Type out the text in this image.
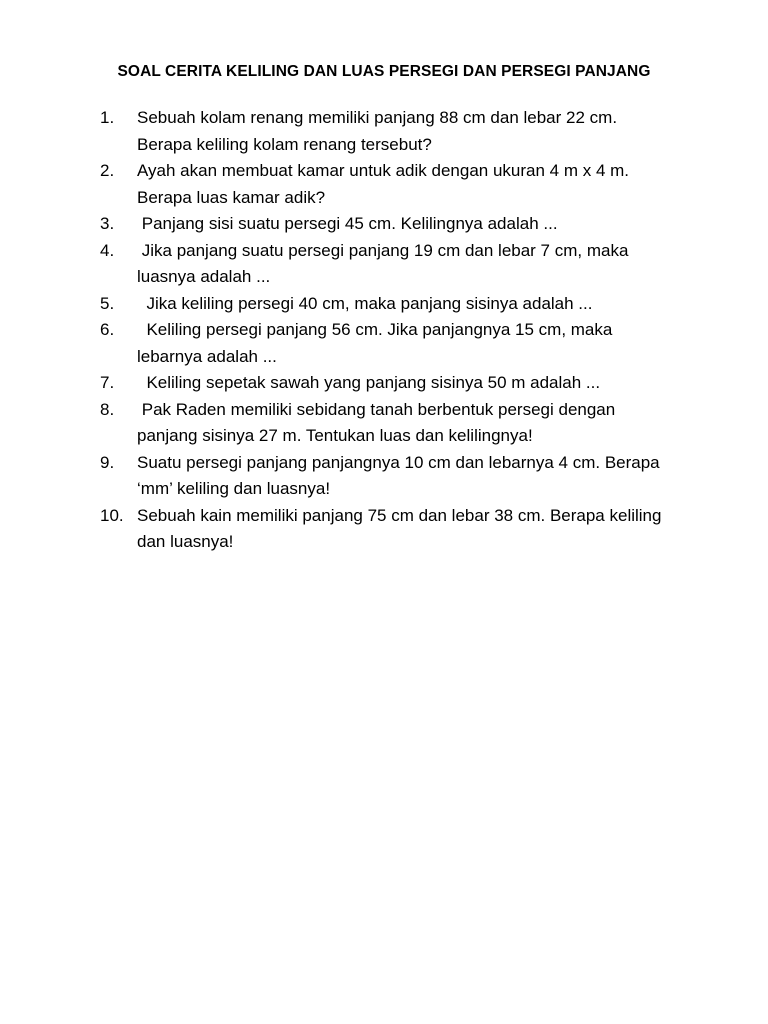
SOAL CERITA KELILING DAN LUAS PERSEGI DAN PERSEGI PANJANG
1.	Sebuah kolam renang memiliki panjang 88 cm dan lebar 22 cm.
Berapa keliling kolam renang tersebut?
2.	Ayah akan membuat kamar untuk adik dengan ukuran 4 m x 4 m.
Berapa luas kamar adik?
3.	Panjang sisi suatu persegi 45 cm. Kelilingnya adalah ...
4.	Jika panjang suatu persegi panjang 19 cm dan lebar 7 cm, maka
luasnya adalah ...
5.	Jika keliling persegi 40 cm, maka panjang sisinya adalah ...
6.	Keliling persegi panjang 56 cm. Jika panjangnya 15 cm, maka
lebarnya adalah ...
7.	Keliling sepetak sawah yang panjang sisinya 50 m adalah ...
8.	Pak Raden memiliki sebidang tanah berbentuk persegi dengan
panjang sisinya 27 m. Tentukan luas dan kelilingnya!
9.	Suatu persegi panjang panjangnya 10 cm dan lebarnya 4 cm. Berapa
‘mm’ keliling dan luasnya!
10. Sebuah kain memiliki panjang 75 cm dan lebar 38 cm. Berapa keliling
dan luasnya!
